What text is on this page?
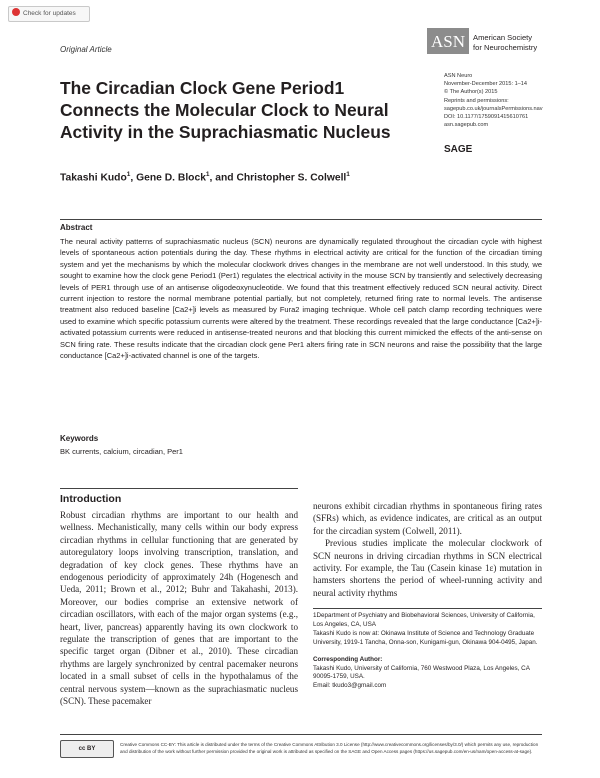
Check for updates
Original Article	ASN American Society
for Neurochemistry
The Circadian Clock Gene Period1 Connects the Molecular Clock to Neural Activity in the Suprachiasmatic Nucleus
ASN Neuro
November-December 2015: 1–14
© The Author(s) 2015
Reprints and permissions:
sagepub.co.uk/journalsPermissions.nav
DOI: 10.1177/1759091415610761
asn.sagepub.com
SAGE
Takashi Kudo$^1$, Gene D. Block$^1$, and Christopher S. Colwell$^1$
Abstract
The neural activity patterns of suprachiasmatic nucleus (SCN) neurons are dynamically regulated throughout the circadian cycle with highest levels of spontaneous action potentials during the day. These rhythms in electrical activity are critical for the function of the circadian timing system and yet the mechanisms by which the molecular clockwork drives changes in the membrane are not well understood. In this study, we sought to examine how the clock gene Period1 (Per1) regulates the electrical activity in the mouse SCN by transiently and selectively decreasing levels of PER1 through use of an antisense oligodeoxynucleotide. We found that this treatment effectively reduced SCN neural activity. Direct current injection to restore the normal membrane potential partially, but not completely, returned firing rate to normal levels. The antisense treatment also reduced baseline [Ca2+]i levels as measured by Fura2 imaging technique. Whole cell patch clamp recording techniques were used to examine which specific potassium currents were altered by the treatment. These recordings revealed that the large conductance [Ca2+]i-activated potassium currents were reduced in antisense-treated neurons and that blocking this current mimicked the effects of the anti-sense on SCN firing rate. These results indicate that the circadian clock gene Per1 alters firing rate in SCN neurons and raise the possibility that the large conductance [Ca2+]i-activated channel is one of the targets.
Keywords
BK currents, calcium, circadian, Per1
Introduction

Robust circadian rhythms are important to our health and wellness. Mechanistically, many cells within our body express circadian rhythms in cellular functioning that are generated by autoregulatory loops involving transcription, translation, and degradation of key clock genes. These rhythms have an endogenous periodicity of approximately 24h (Hogenesch and Ueda, 2011; Brown et al., 2012; Buhr and Takahashi, 2013). Moreover, our bodies comprise an extensive network of circadian oscillators, with each of the major organ systems (e.g., heart, liver, pancreas) apparently having its own clockwork to regulate the transcription of genes that are important to the specific target organ (Dibner et al., 2010). These circadian rhythms are largely synchronized by central pacemaker neurons located in a small subset of cells in the hypothalamus of the central nervous system—known as the suprachiasmatic nucleus (SCN). These pacemaker

neurons exhibit circadian rhythms in spontaneous firing rates (SFRs) which, as evidence indicates, are critical as an output for the circadian system (Colwell, 2011).

Previous studies implicate the molecular clockwork of SCN neurons in driving circadian rhythms in SCN electrical activity. For example, the Tau (Casein kinase 1ε) mutation in hamsters shortens the period of wheel-running activity and neural activity rhythms

1Department of Psychiatry and Biobehavioral Sciences, University of California, Los Angeles, CA, USA

Takashi Kudo is now at: Okinawa Institute of Science and Technology Graduate University, 1919-1 Tancha, Onna-son, Kunigami-gun, Okinawa 904-0495, Japan.

Corresponding Author:

Takashi Kudo, University of California, 760 Westwood Plaza, Los Angeles, CA 90095-1759, USA.

Email: tkudo3@gmail.com

cc BY
Creative Commons CC-BY: This article is distributed under the terms of the Creative Commons Attribution 3.0 License (http://www.creativecommons.org/licenses/by/3.0/) which permits any use, reproduction and distribution of the work without further permission provided the original work is attributed as specified on the SAGE and Open Access pages (https://us.sagepub.com/en-us/nam/open-access-at-sage).
